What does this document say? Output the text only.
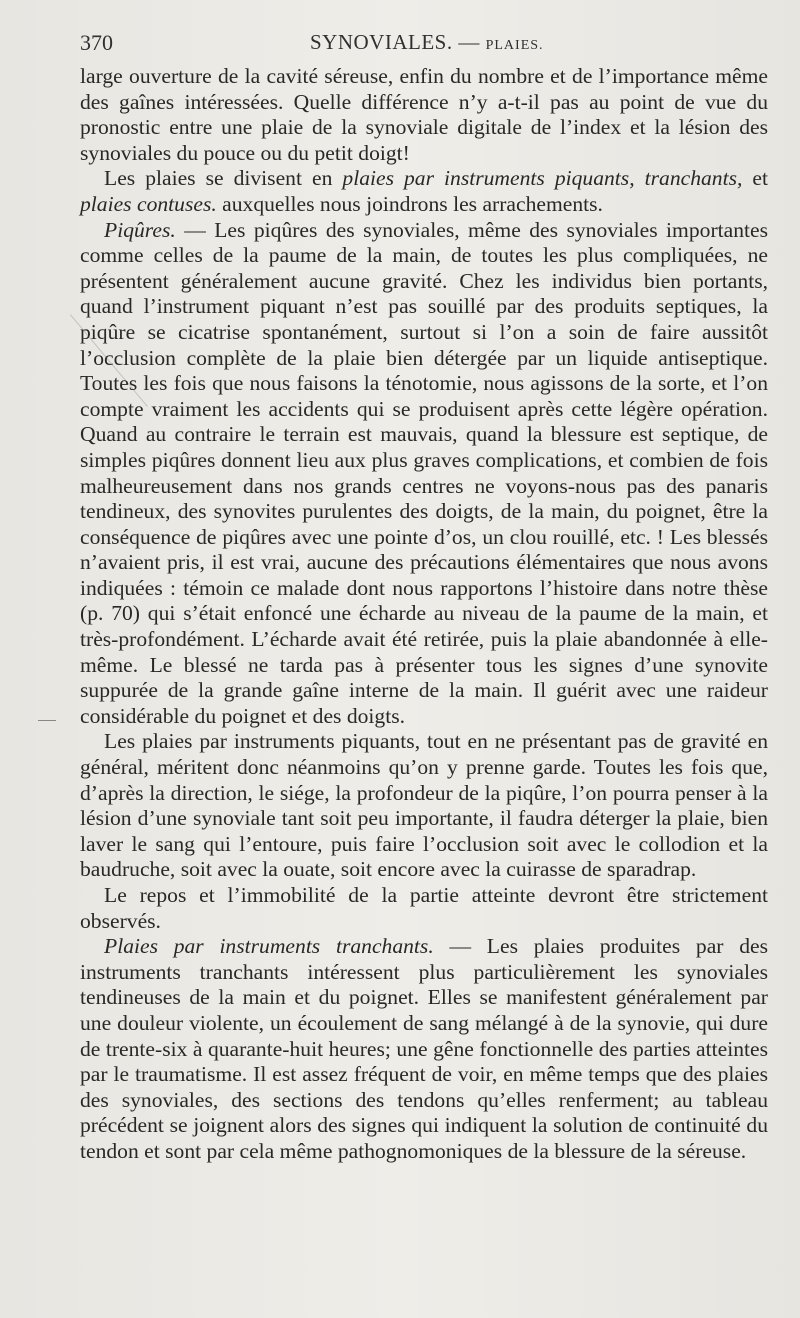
370	SYNOVIALES. — PLAIES.

large ouverture de la cavité séreuse, enfin du nombre et de l’importance même des gaînes intéressées. Quelle différence n’y a-t-il pas au point de vue du pronostic entre une plaie de la synoviale digitale de l’index et la lésion des synoviales du pouce ou du petit doigt!

Les plaies se divisent en plaies par instruments piquants, tranchants, et plaies contuses. auxquelles nous joindrons les arrachements.

Piqûres. — Les piqûres des synoviales, même des synoviales importantes comme celles de la paume de la main, de toutes les plus compliquées, ne présentent généralement aucune gravité. Chez les individus bien portants, quand l’instrument piquant n’est pas souillé par des produits septiques, la piqûre se cicatrise spontanément, surtout si l’on a soin de faire aussitôt l’occlusion complète de la plaie bien détergée par un liquide antiseptique. Toutes les fois que nous faisons la ténotomie, nous agissons de la sorte, et l’on compte vraiment les accidents qui se produisent après cette légère opération. Quand au contraire le terrain est mauvais, quand la blessure est septique, de simples piqûres donnent lieu aux plus graves complications, et combien de fois malheureusement dans nos grands centres ne voyons-nous pas des panaris tendineux, des synovites purulentes des doigts, de la main, du poignet, être la conséquence de piqûres avec une pointe d’os, un clou rouillé, etc. ! Les blessés n’avaient pris, il est vrai, aucune des précautions élémentaires que nous avons indiquées : témoin ce malade dont nous rapportons l’histoire dans notre thèse (p. 70) qui s’était enfoncé une écharde au niveau de la paume de la main, et très-profondément. L’écharde avait été retirée, puis la plaie abandonnée à elle-même. Le blessé ne tarda pas à présenter tous les signes d’une synovite suppurée de la grande gaîne interne de la main. Il guérit avec une raideur considérable du poignet et des doigts.

Les plaies par instruments piquants, tout en ne présentant pas de gravité en général, méritent donc néanmoins qu’on y prenne garde. Toutes les fois que, d’après la direction, le siége, la profondeur de la piqûre, l’on pourra penser à la lésion d’une synoviale tant soit peu importante, il faudra déterger la plaie, bien laver le sang qui l’entoure, puis faire l’occlusion soit avec le collodion et la baudruche, soit avec la ouate, soit encore avec la cuirasse de sparadrap.

Le repos et l’immobilité de la partie atteinte devront être strictement observés.

Plaies par instruments tranchants. — Les plaies produites par des instruments tranchants intéressent plus particulièrement les synoviales tendineuses de la main et du poignet. Elles se manifestent généralement par une douleur violente, un écoulement de sang mélangé à de la synovie, qui dure de trente-six à quarante-huit heures; une gêne fonctionnelle des parties atteintes par le traumatisme. Il est assez fréquent de voir, en même temps que des plaies des synoviales, des sections des tendons qu’elles renferment; au tableau précédent se joignent alors des signes qui indiquent la solution de continuité du tendon et sont par cela même pathognomoniques de la blessure de la séreuse.
